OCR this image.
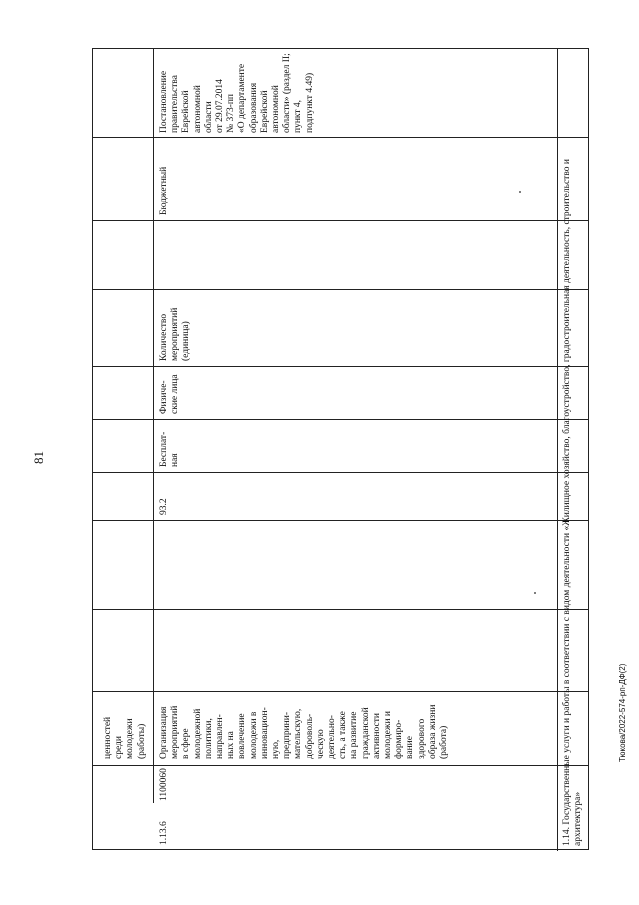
81
ценностей
среди
молодежи
(работы)
1.13.6
1100060
Организация
мероприятий
в сфере
молодежной
политики,
направлен-
ных на
вовлечение
молодежи в
инновацион-
ную,
предприни-
мательскую,
доброволь-
ческую
деятельно-
сть, а также
на развитие
гражданской
активности
молодежи и
формиро-
вание
здорового
образа жизни
(работа)
93.2
Бесплат-
ная
Физиче-
ские лица
Количество
мероприятий
(единица)
Бюджетный
Постановление
правительства
Еврейской
автономной
области
от 29.07.2014
№ 373-пп
«О департаменте
образования
Еврейской
автономной
области» (раздел II;
пункт 4,
подпункт 4.49)
1.14. Государственные услуги и работы в соответствии с видом деятельности «Жилищное хозяйство, благоустройство, градостроительная деятельность, строительство и
архитектура»
Тюкова/2022-574-рп-ДФ(2)
